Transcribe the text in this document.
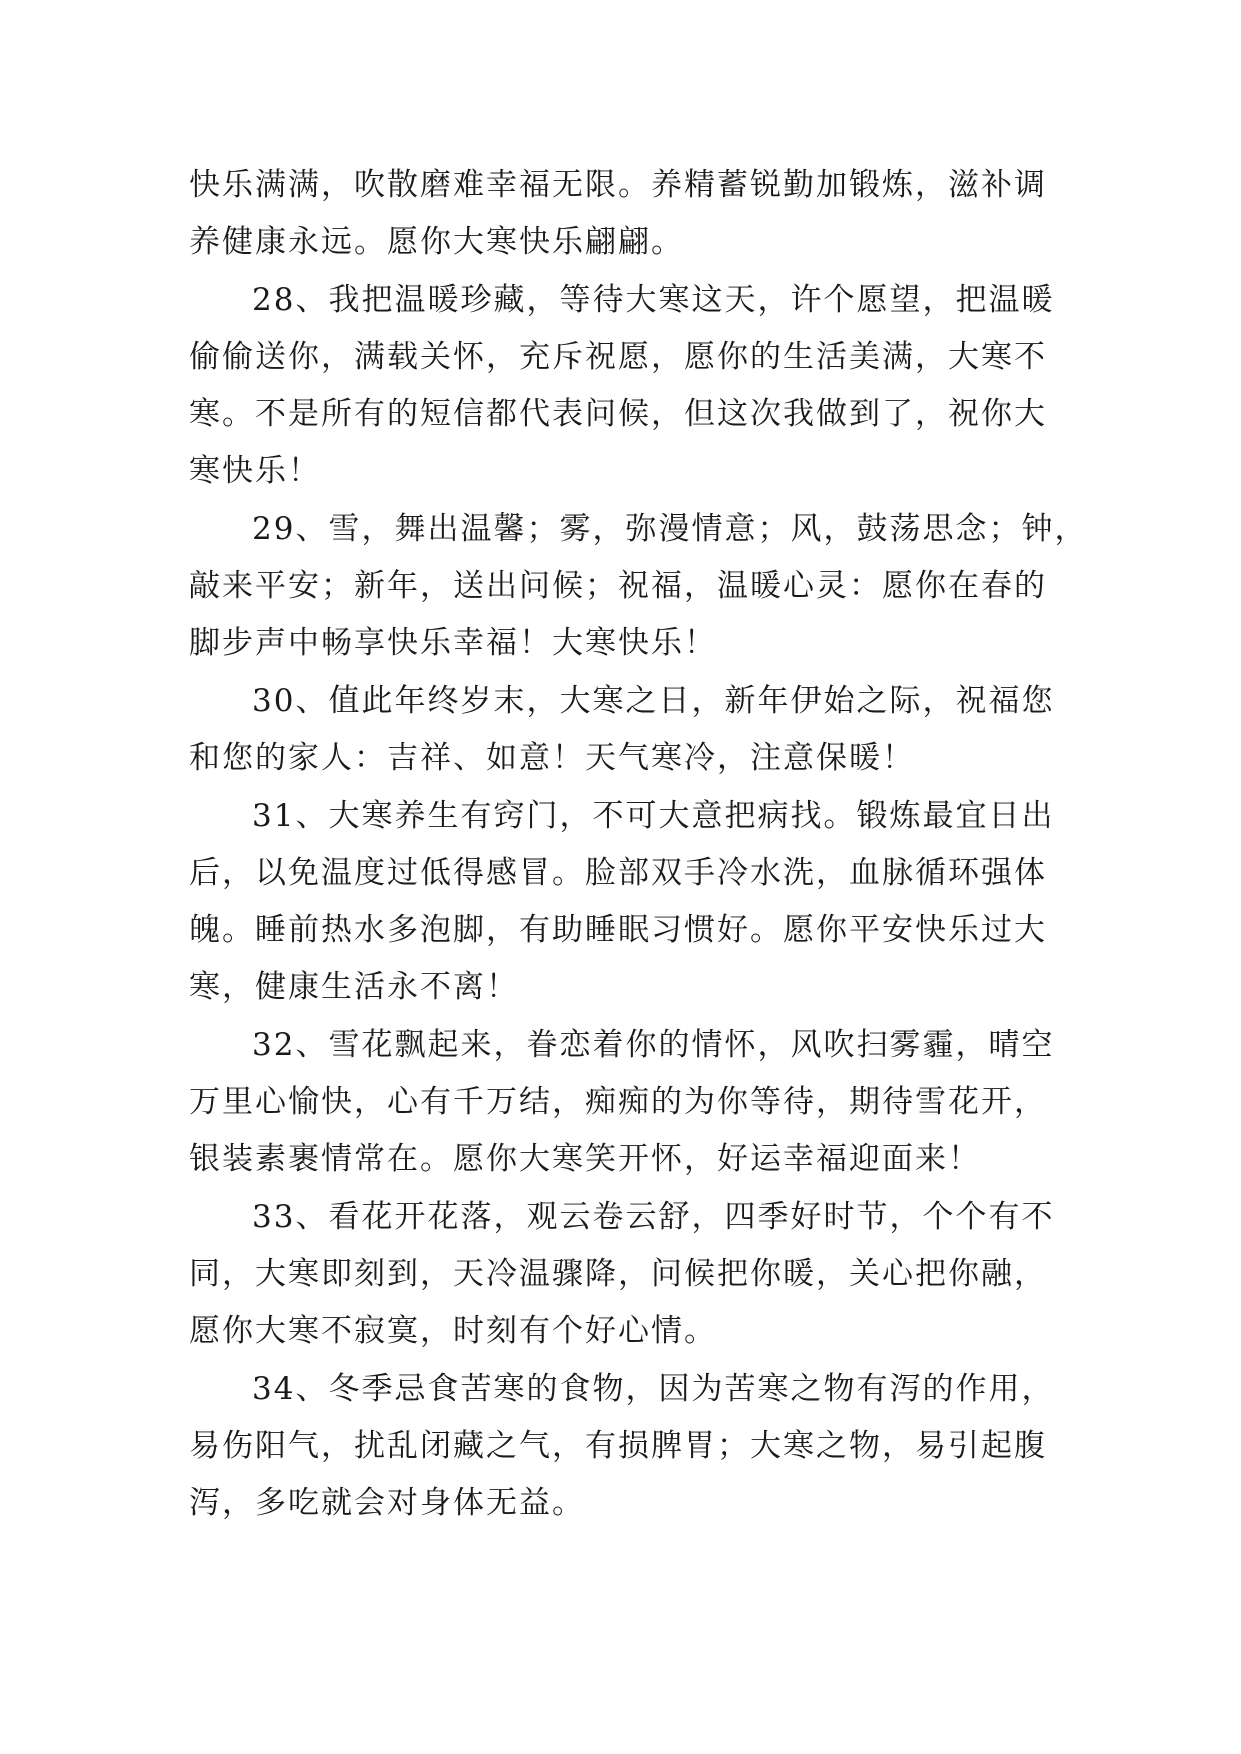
快乐满满，吹散磨难幸福无限。养精蓄锐勤加锻炼，滋补调

养健康永远。愿你大寒快乐翩翩。

28、我把温暖珍藏，等待大寒这天，许个愿望，把温暖

偷偷送你，满载关怀，充斥祝愿，愿你的生活美满，大寒不

寒。不是所有的短信都代表问候，但这次我做到了，祝你大

寒快乐！

29、雪，舞出温馨；雾，弥漫情意；风，鼓荡思念；钟，

敲来平安；新年，送出问候；祝福，温暖心灵：愿你在春的

脚步声中畅享快乐幸福！大寒快乐！

30、值此年终岁末，大寒之日，新年伊始之际，祝福您

和您的家人：吉祥、如意！天气寒冷，注意保暖！

31、大寒养生有窍门，不可大意把病找。锻炼最宜日出

后，以免温度过低得感冒。脸部双手冷水洗，血脉循环强体

魄。睡前热水多泡脚，有助睡眠习惯好。愿你平安快乐过大

寒，健康生活永不离！

32、雪花飘起来，眷恋着你的情怀，风吹扫雾霾，晴空

万里心愉快，心有千万结，痴痴的为你等待，期待雪花开，

银装素裹情常在。愿你大寒笑开怀，好运幸福迎面来！

33、看花开花落，观云卷云舒，四季好时节，个个有不

同，大寒即刻到，天冷温骤降，问候把你暖，关心把你融，

愿你大寒不寂寞，时刻有个好心情。

34、冬季忌食苦寒的食物，因为苦寒之物有泻的作用，

易伤阳气，扰乱闭藏之气，有损脾胃；大寒之物，易引起腹

泻，多吃就会对身体无益。
